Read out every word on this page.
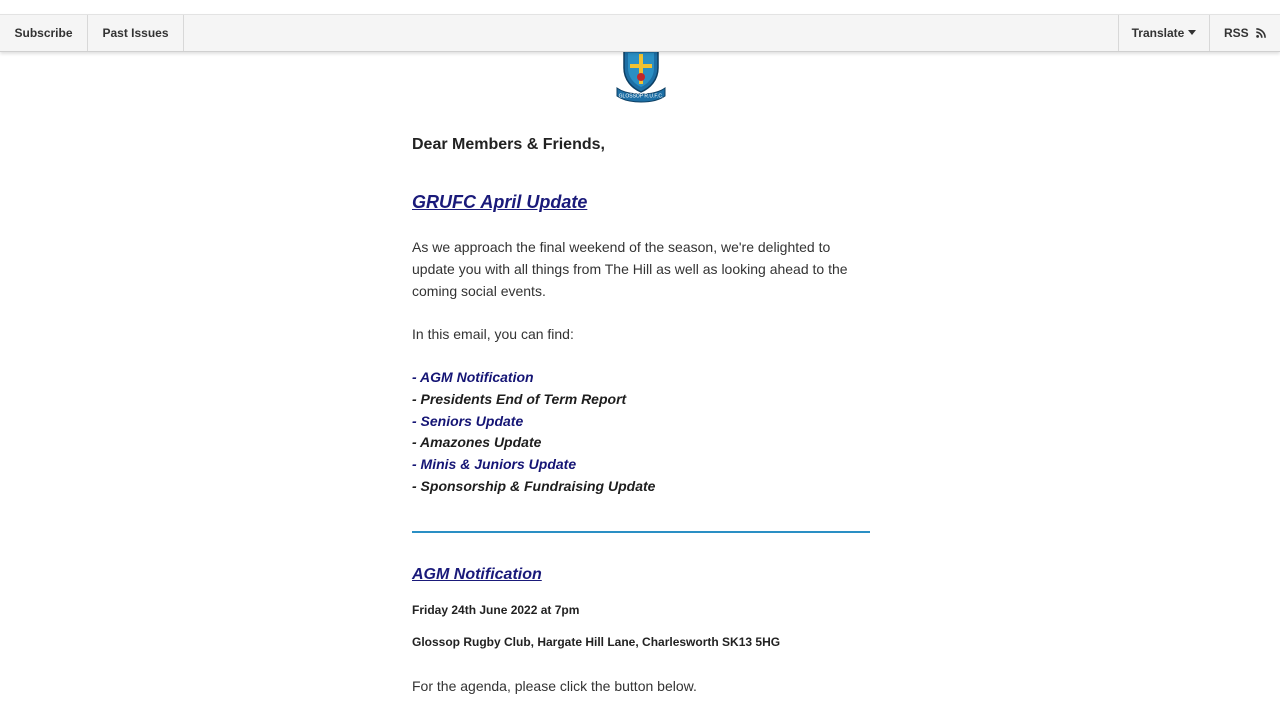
Subscribe	Past Issues	Translate	RSS
GLOSSOP R.U.F.C.
Dear Members & Friends,
GRUFC April Update
As we approach the final weekend of the season, we're delighted to update you with all things from The Hill as well as looking ahead to the coming social events.
In this email, you can find:
- AGM Notification
- Presidents End of Term Report
- Seniors Update
- Amazones Update
- Minis & Juniors Update
- Sponsorship & Fundraising Update
AGM Notification
Friday 24th June 2022 at 7pm
Glossop Rugby Club, Hargate Hill Lane, Charlesworth SK13 5HG
For the agenda, please click the button below.
